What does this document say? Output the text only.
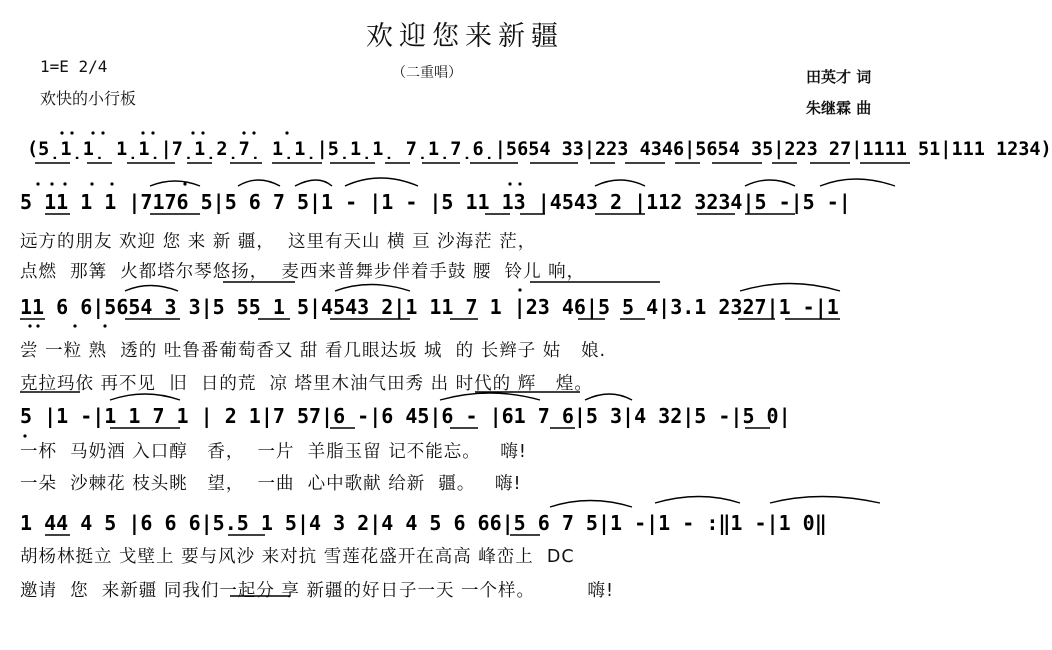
欢迎您来新疆
（二重唱）
1=E 2/4
欢快的小行板
田英才 词
朱继霖 曲
(5̣1̣1̣ 1̣1̣|7̣1̣2̣7̣ 1̣1̣|5̣1̣1̣ 7̣1̣7̣6̣|5654 33|223 4346|5654 35|223 27|1111 51|111 1234)
5 11 1 1 |7176 5|5 6 7 5|1 - |1 - |5 11 13 |4543 2 |112 3234|5 -|5 -|
远方的朋友 欢迎 您 来 新 疆，  这里有天山 横 亘 沙海茫 茫，
点燃  那篝  火都塔尔琴悠扬，  麦西来普舞步伴着手鼓 腰  铃儿 响，
11 6 6|5654 3 3|5 55 1 5|4543 2|1 11 7 1 |23 46|5 5 4|3.1 2327|1 -|1
尝 一粒 熟  透的 吐鲁番葡萄香又 甜 看几眼达坂 城  的 长辫子 姑   娘.
克拉玛依 再不见  旧  日的荒  凉 塔里木油气田秀 出 时代的 辉   煌。
5 |1 -|1 1 7 1 | 2 1|7 57|6 -|6 45|6 - |61 7 6|5 3|4 32|5 -|5 0|
一杯  马奶酒 入口醇   香，  一片  羊脂玉留 记不能忘。   嗨!
一朵  沙棘花 枝头眺   望，  一曲  心中歌献 给新  疆。   嗨!
1 44 4 5 |6 6 6|5.5 1 5|4 3 2|4 4 5 6 66|5 6 7 5|1 -|1 - :‖1 -|1 0‖
胡杨林挺立 戈壁上 要与风沙 来对抗 雪莲花盛开在高高 峰峦上  DC
邀请  您  来新疆 同我们一起分 享 新疆的好日子一天 一个样。        嗨!
